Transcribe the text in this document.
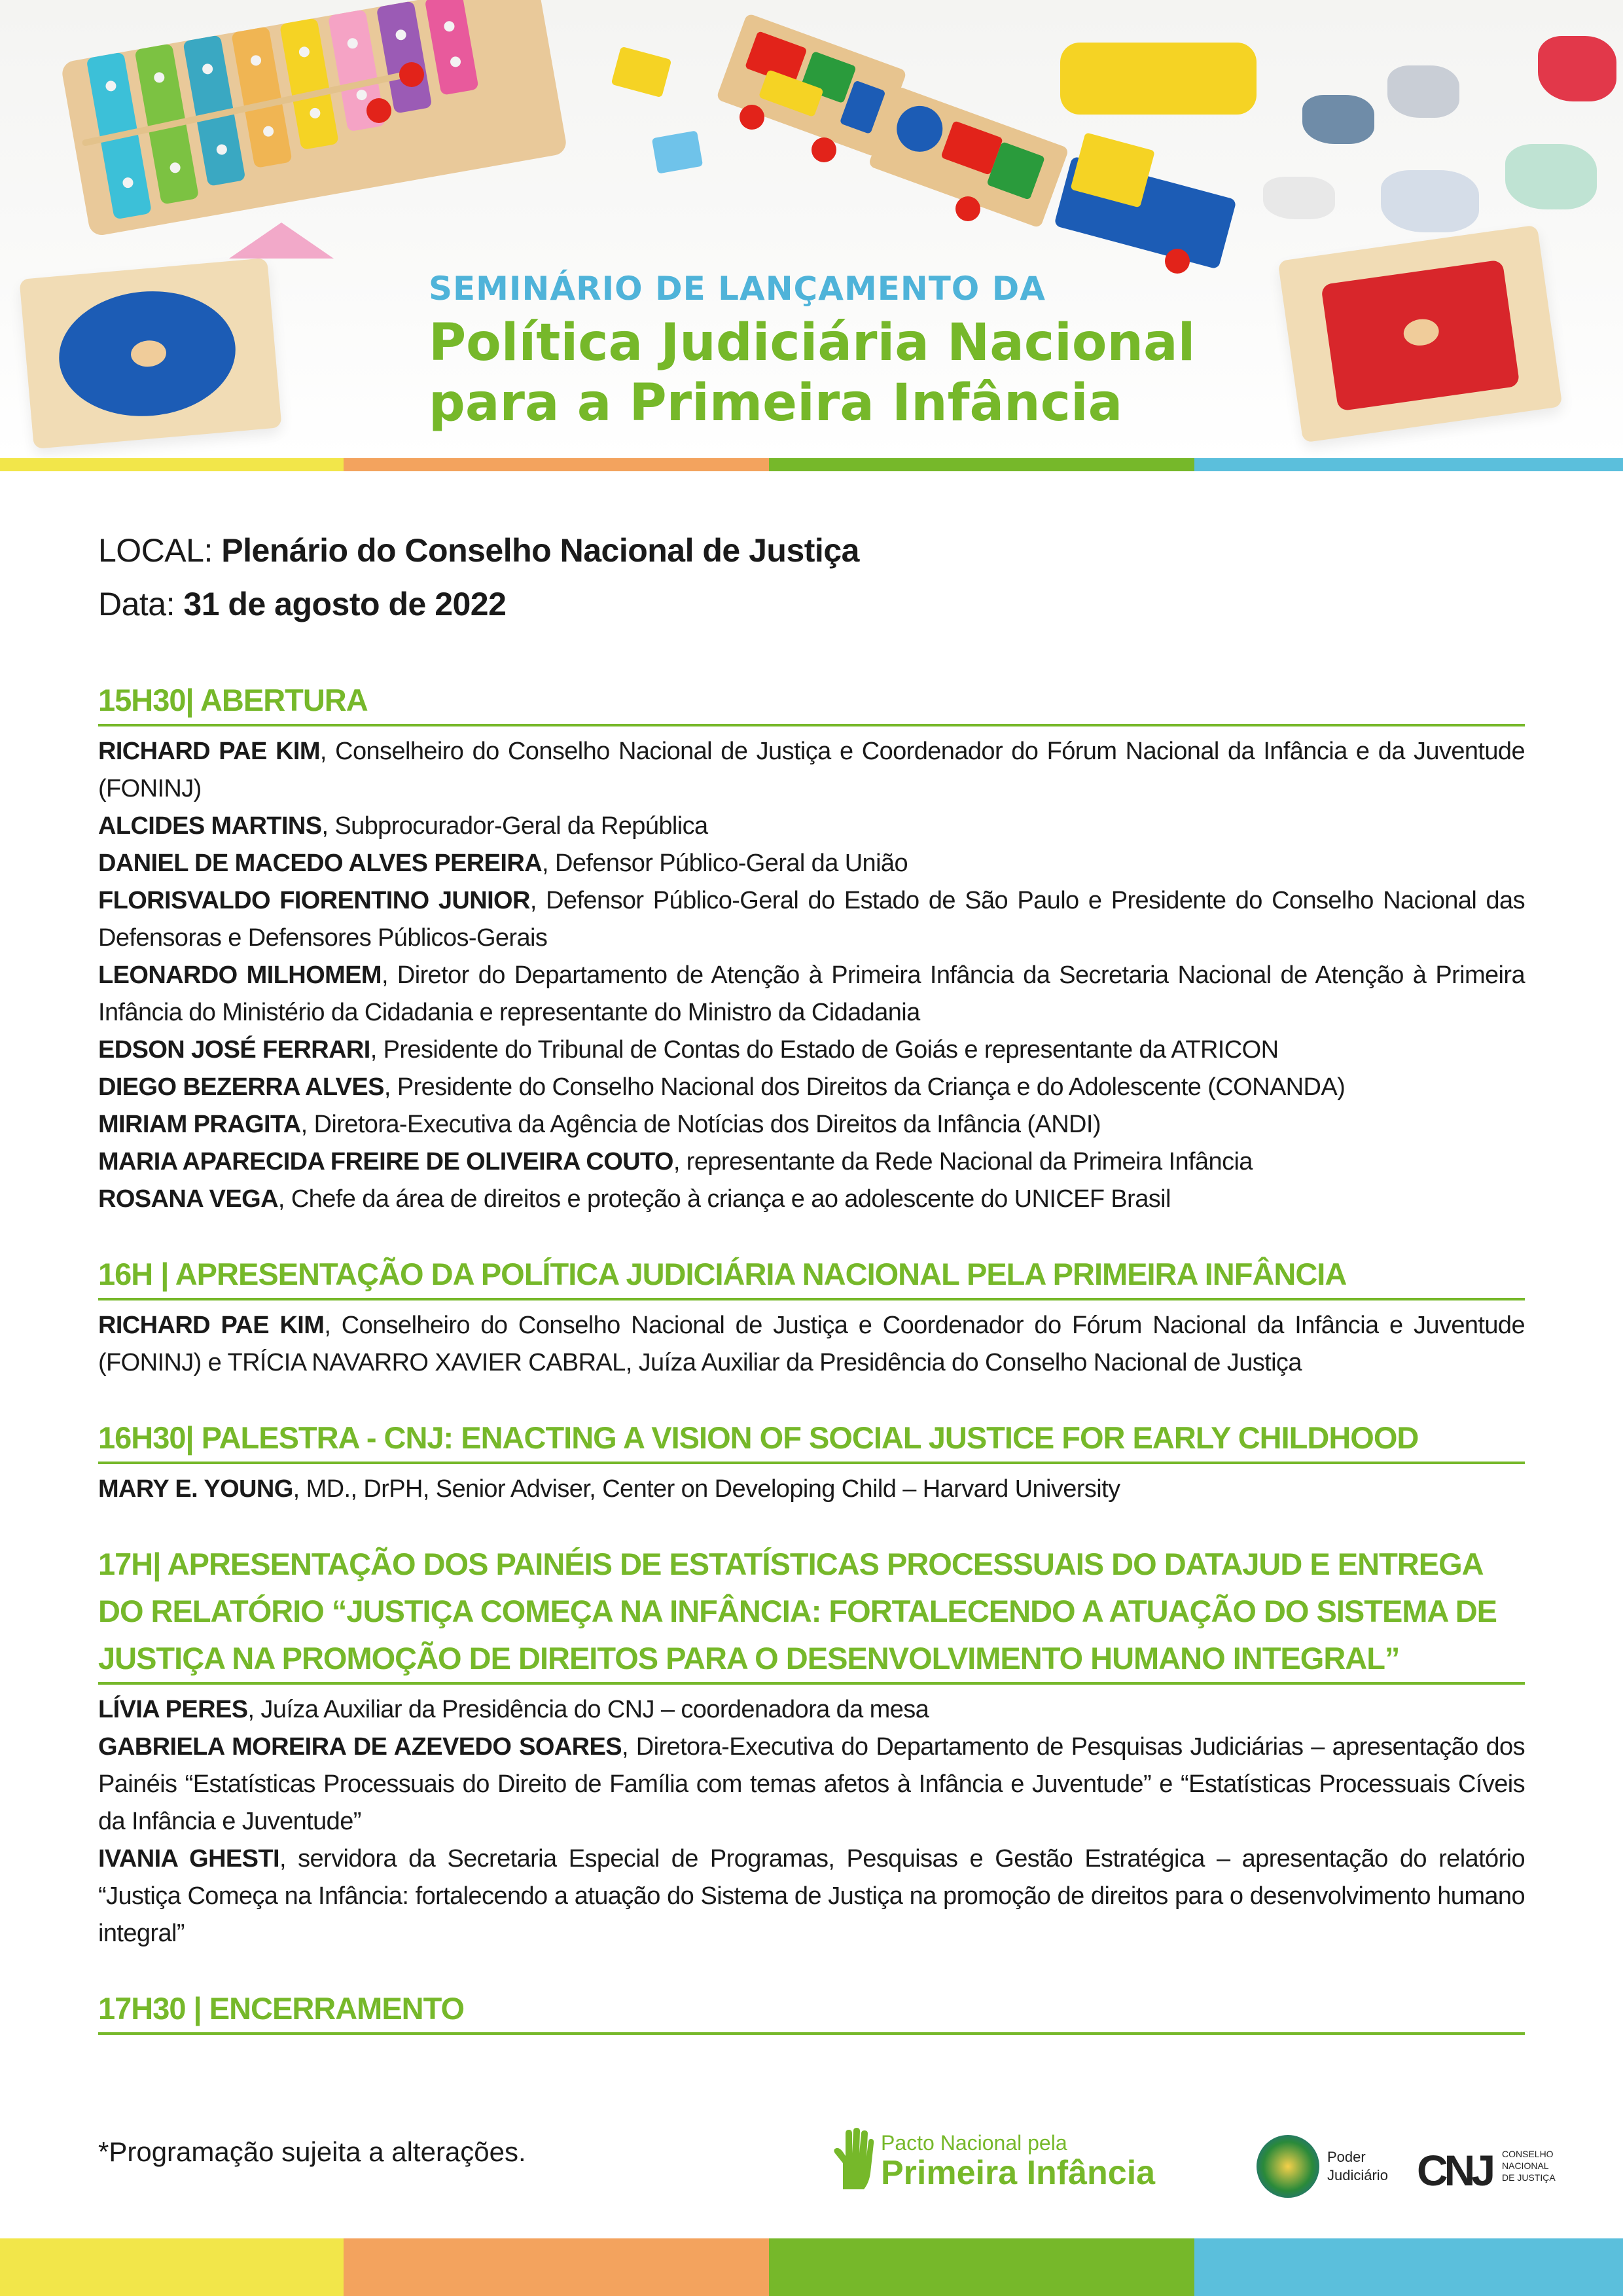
SEMINÁRIO DE LANÇAMENTO DA

Política Judiciária Nacional
para a Primeira Infância

LOCAL: Plenário do Conselho Nacional de Justiça
Data: 31 de agosto de 2022
15H30| ABERTURA
RICHARD PAE KIM, Conselheiro do Conselho Nacional de Justiça e Coordenador do Fórum Nacional da Infância e da Juventude (FONINJ)
ALCIDES MARTINS, Subprocurador-Geral da República
DANIEL DE MACEDO ALVES PEREIRA, Defensor Público-Geral da União
FLORISVALDO FIORENTINO JUNIOR, Defensor Público-Geral do Estado de São Paulo e Presidente do Conselho Nacional das Defensoras e Defensores Públicos-Gerais
LEONARDO MILHOMEM, Diretor do Departamento de Atenção à Primeira Infância da Secretaria Nacional de Atenção à Primeira Infância do Ministério da Cidadania e representante do Ministro da Cidadania
EDSON JOSÉ FERRARI, Presidente do Tribunal de Contas do Estado de Goiás e representante da ATRICON
DIEGO BEZERRA ALVES, Presidente do Conselho Nacional dos Direitos da Criança e do Adolescente (CONANDA)
MIRIAM PRAGITA, Diretora-Executiva da Agência de Notícias dos Direitos da Infância (ANDI)
MARIA APARECIDA FREIRE DE OLIVEIRA COUTO, representante da Rede Nacional da Primeira Infância
ROSANA VEGA, Chefe da área de direitos e proteção à criança e ao adolescente do UNICEF Brasil
16H | APRESENTAÇÃO DA POLÍTICA JUDICIÁRIA NACIONAL PELA PRIMEIRA INFÂNCIA
RICHARD PAE KIM, Conselheiro do Conselho Nacional de Justiça e Coordenador do Fórum Nacional da Infância e Juventude (FONINJ) e TRÍCIA NAVARRO XAVIER CABRAL, Juíza Auxiliar da Presidência do Conselho Nacional de Justiça
16H30| PALESTRA - CNJ: ENACTING A VISION OF SOCIAL JUSTICE FOR EARLY CHILDHOOD
MARY E. YOUNG, MD., DrPH, Senior Adviser, Center on Developing Child – Harvard University
17H| APRESENTAÇÃO DOS PAINÉIS DE ESTATÍSTICAS PROCESSUAIS DO DATAJUD E ENTREGA DO RELATÓRIO “JUSTIÇA COMEÇA NA INFÂNCIA: FORTALECENDO A ATUAÇÃO DO SISTEMA DE JUSTIÇA NA PROMOÇÃO DE DIREITOS PARA O DESENVOLVIMENTO HUMANO INTEGRAL”
LÍVIA PERES, Juíza Auxiliar da Presidência do CNJ – coordenadora da mesa
GABRIELA MOREIRA DE AZEVEDO SOARES, Diretora-Executiva do Departamento de Pesquisas Judiciárias – apresentação dos Painéis “Estatísticas Processuais do Direito de Família com temas afetos à Infância e Juventude” e “Estatísticas Processuais Cíveis da Infância e Juventude”
IVANIA GHESTI, servidora da Secretaria Especial de Programas, Pesquisas e Gestão Estratégica – apresentação do relatório “Justiça Começa na Infância: fortalecendo a atuação do Sistema de Justiça na promoção de direitos para o desenvolvimento humano integral”
17H30 | ENCERRAMENTO
*Programação sujeita a alterações.	Pacto Nacional pela
Primeira Infância	Poder
Judiciário CNJ CONSELHO
NACIONAL
DE JUSTIÇA
